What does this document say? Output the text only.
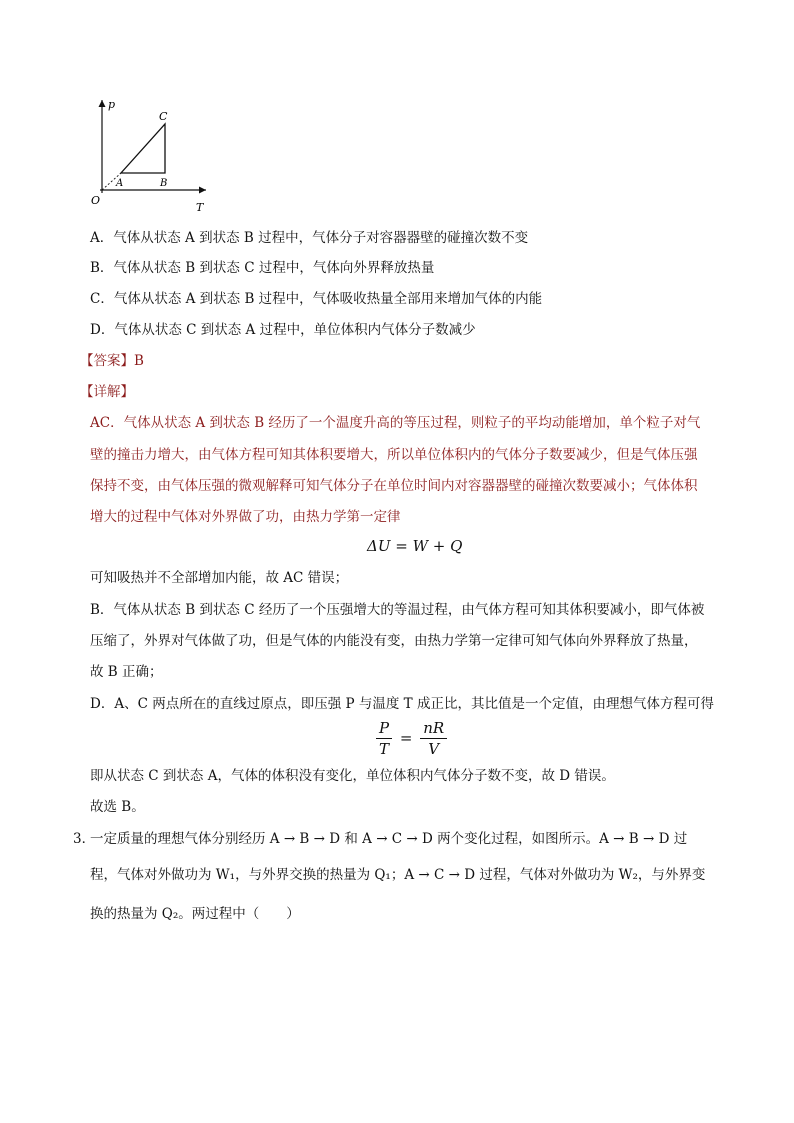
p
C
A	B
O
T
A．气体从状态 A 到状态 B 过程中，气体分子对容器器壁的碰撞次数不变
B．气体从状态 B 到状态 C 过程中，气体向外界释放热量
C．气体从状态 A 到状态 B 过程中，气体吸收热量全部用来增加气体的内能
D．气体从状态 C 到状态 A 过程中，单位体积内气体分子数减少
【答案】B
【详解】
AC．气体从状态 A 到状态 B 经历了一个温度升高的等压过程，则粒子的平均动能增加，单个粒子对气
壁的撞击力增大，由气体方程可知其体积要增大，所以单位体积内的气体分子数要减少，但是气体压强
保持不变，由气体压强的微观解释可知气体分子在单位时间内对容器器壁的碰撞次数要减小；气体体积
增大的过程中气体对外界做了功，由热力学第一定律
ΔU = W + Q
可知吸热并不全部增加内能，故 AC 错误；
B．气体从状态 B 到状态 C 经历了一个压强增大的等温过程，由气体方程可知其体积要减小，即气体被
压缩了，外界对气体做了功，但是气体的内能没有变，由热力学第一定律可知气体向外界释放了热量，
故 B 正确；
D．A、C 两点所在的直线过原点，即压强 P 与温度 T 成正比，其比值是一个定值，由理想气体方程可得
$\frac{P}{T} = \frac{nR}{V}$
即从状态 C 到状态 A，气体的体积没有变化，单位体积内气体分子数不变，故 D 错误。
故选 B。
3．
一定质量的理想气体分别经历 A → B → D 和 A → C → D 两个变化过程，如图所示。A → B → D 过
程，气体对外做功为 W₁，与外界交换的热量为 Q₁；A → C → D 过程，气体对外做功为 W₂，与外界变
换的热量为 Q₂。两过程中（　　）
